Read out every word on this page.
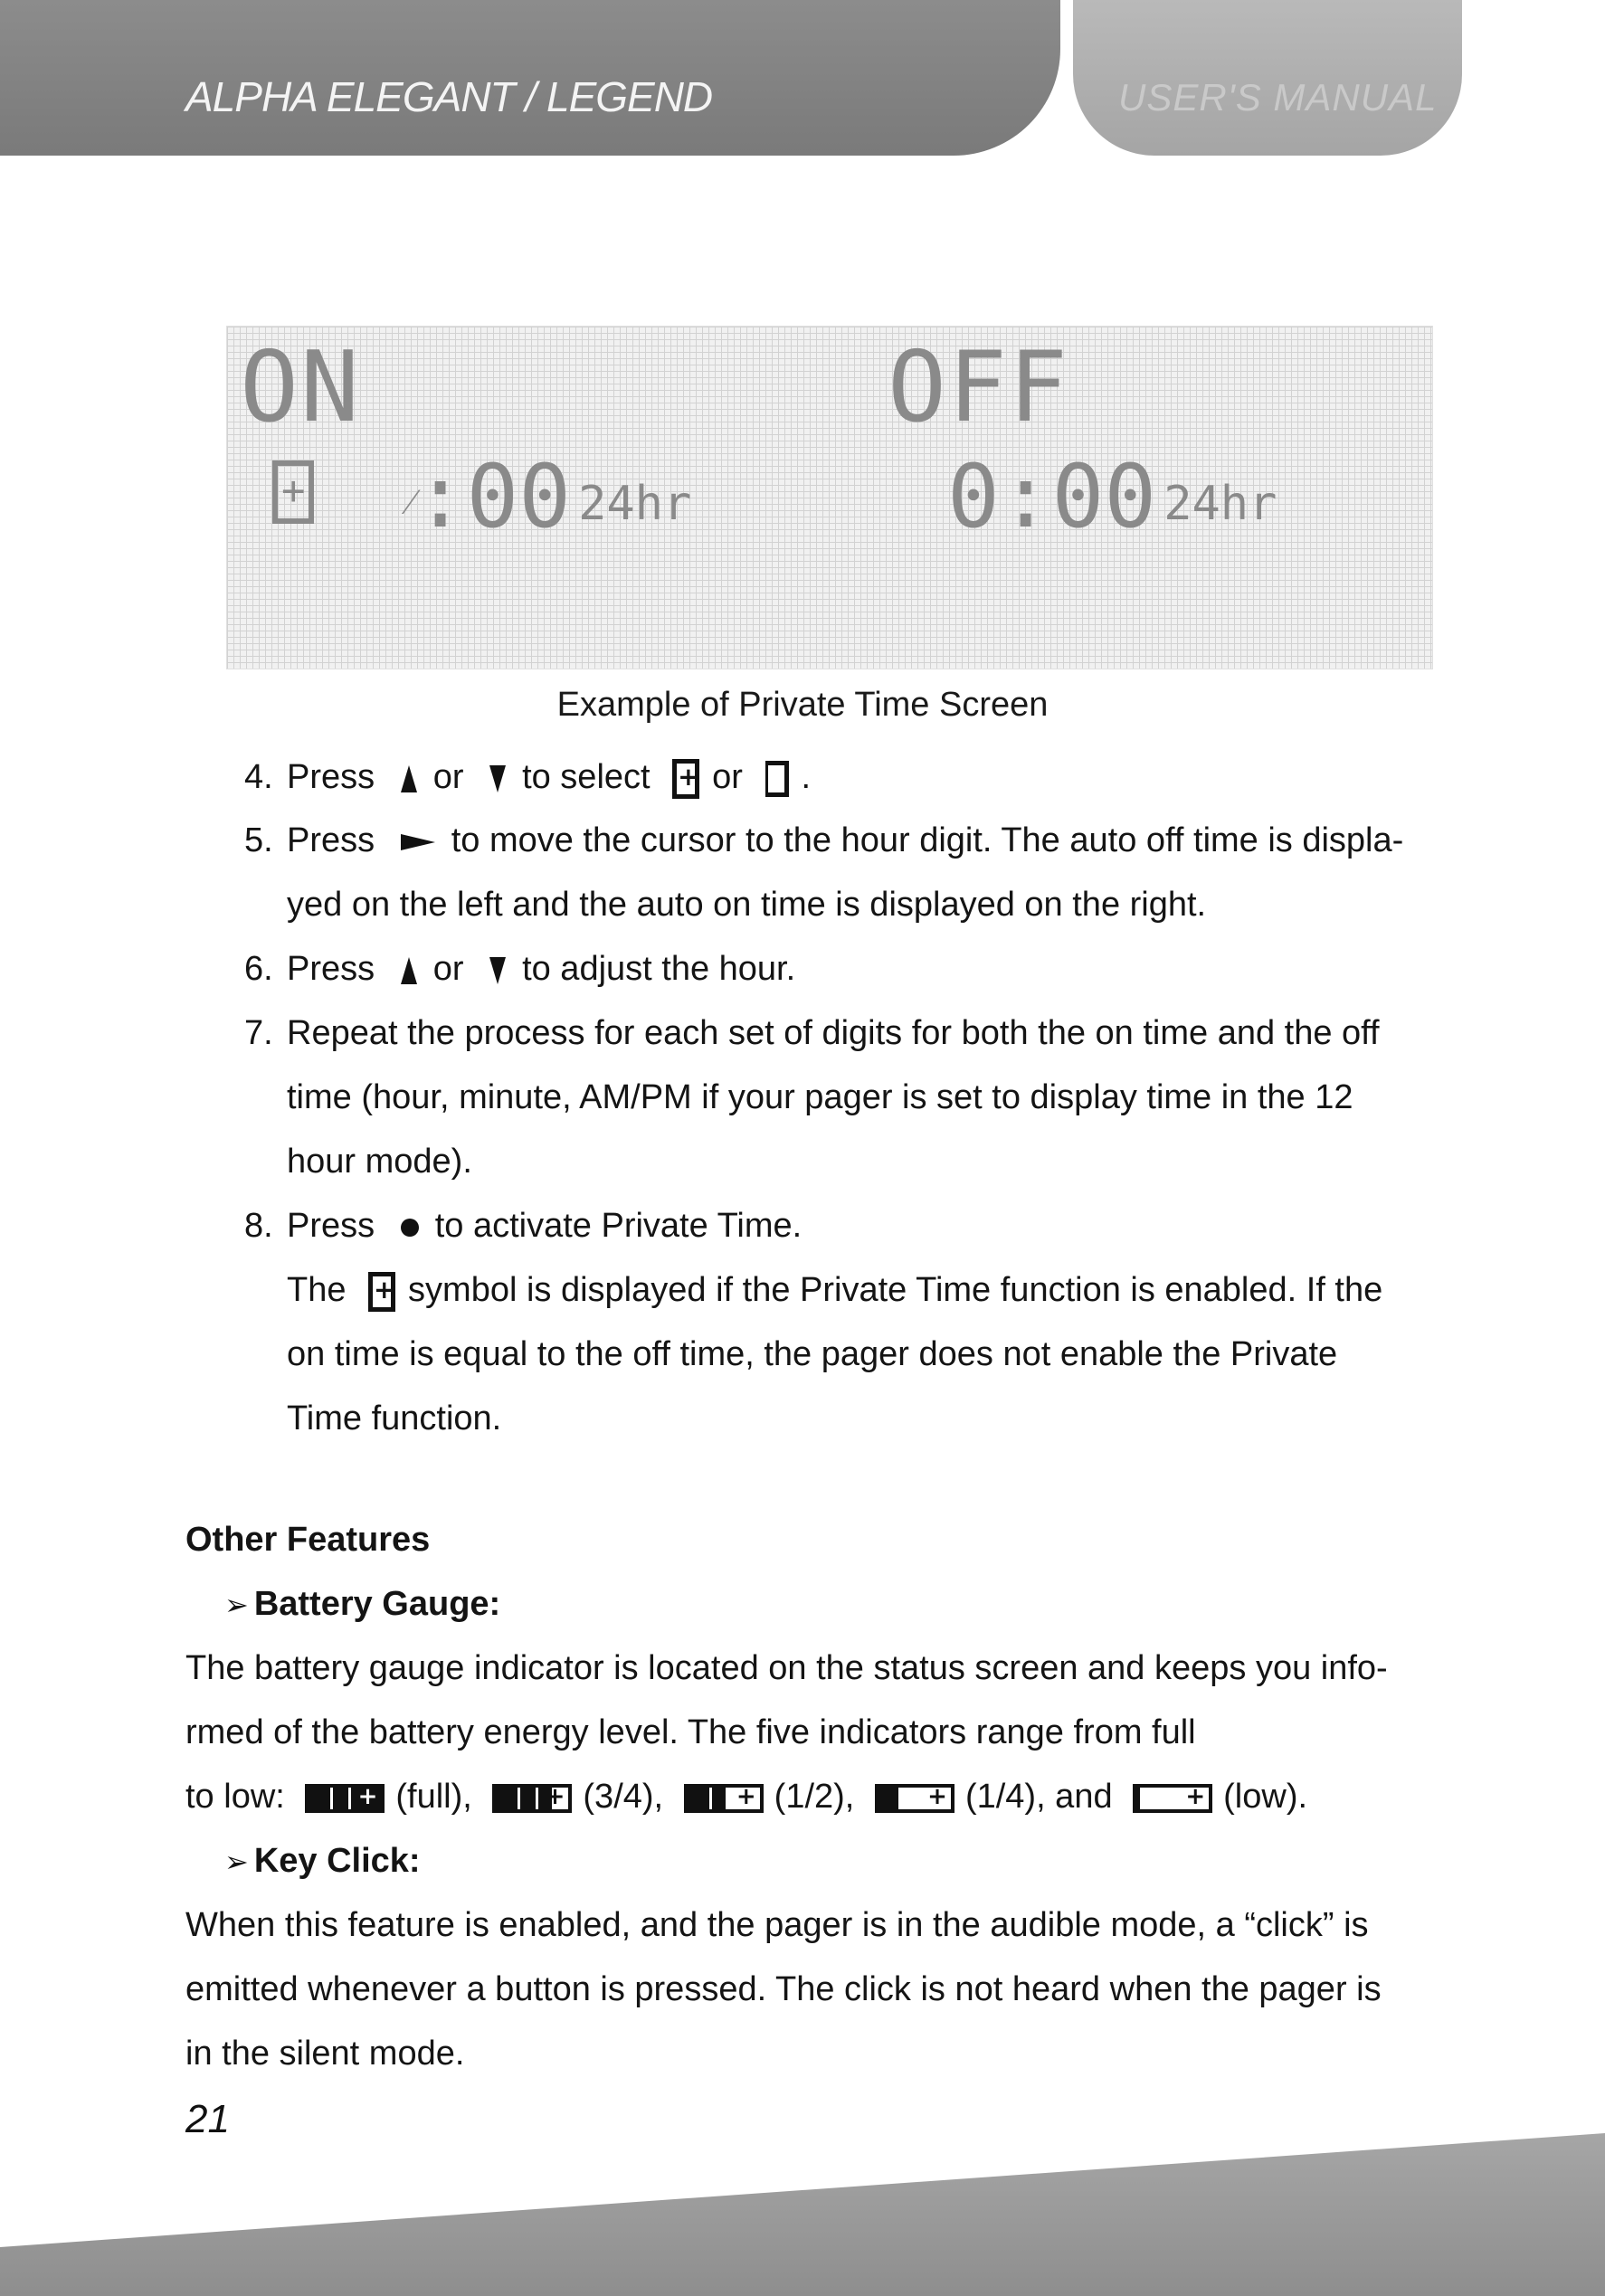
ALPHA ELEGANT / LEGEND	USER'S MANUAL
ON	OFF
+
⁄:00 24hr	0:00 24hr
Example of Private Time Screen
4. Press or to select + or .
5. Press to move the cursor to the hour digit. The auto off time is displa-
yed on the left and the auto on time is displayed on the right.
6. Press or to adjust the hour.
7. Repeat the process for each set of digits for both the on time and the off
time (hour, minute, AM/PM if your pager is set to display time in the 12
hour mode).
8. Press to activate Private Time.
The + symbol is displayed if the Private Time function is enabled. If the
on time is equal to the off time, the pager does not enable the Private
Time function.
Other Features
➢ Battery Gauge:
The battery gauge indicator is located on the status screen and keeps you info-
rmed of the battery energy level. The five indicators range from full
to low:	+ (full),	+ (3/4),	+ (1/2),	+ (1/4), and	+ (low).
➢ Key Click:
When this feature is enabled, and the pager is in the audible mode, a “click” is
emitted whenever a button is pressed. The click is not heard when the pager is
in the silent mode.
21
